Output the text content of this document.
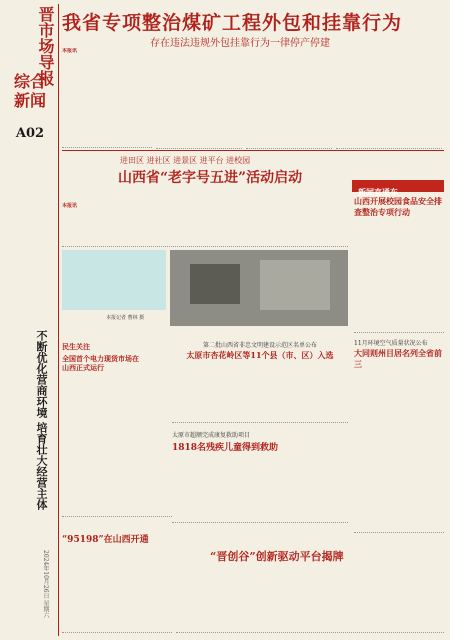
晋市场导报
综合新闻
A02
不断优化营商环境 培育壮大经营主体
2024年10月26日 星期六
我省专项整治煤矿工程外包和挂靠行为
存在违法违规外包挂靠行为一律停产停建
本报讯
进田区 进社区 进景区 进平台 进校园
山西省“老字号五进”活动启动
本报讯
本报记者 曹林 摄
新闻直通车
山西开展校园食品安全排查整治专项行动
11月环境空气质量状况公布
大同则州目居名列全省前三
民生关注
全国首个电力现货市场在山西正式运行
第二批山西省非忠文明建设示范区名单公布
太原市杏花岭区等11个县（市、区）入选
太原市超额完成康复救助项目
1818名残疾儿童得到救助
“95198”在山西开通
“晋创谷”创新驱动平台揭牌
